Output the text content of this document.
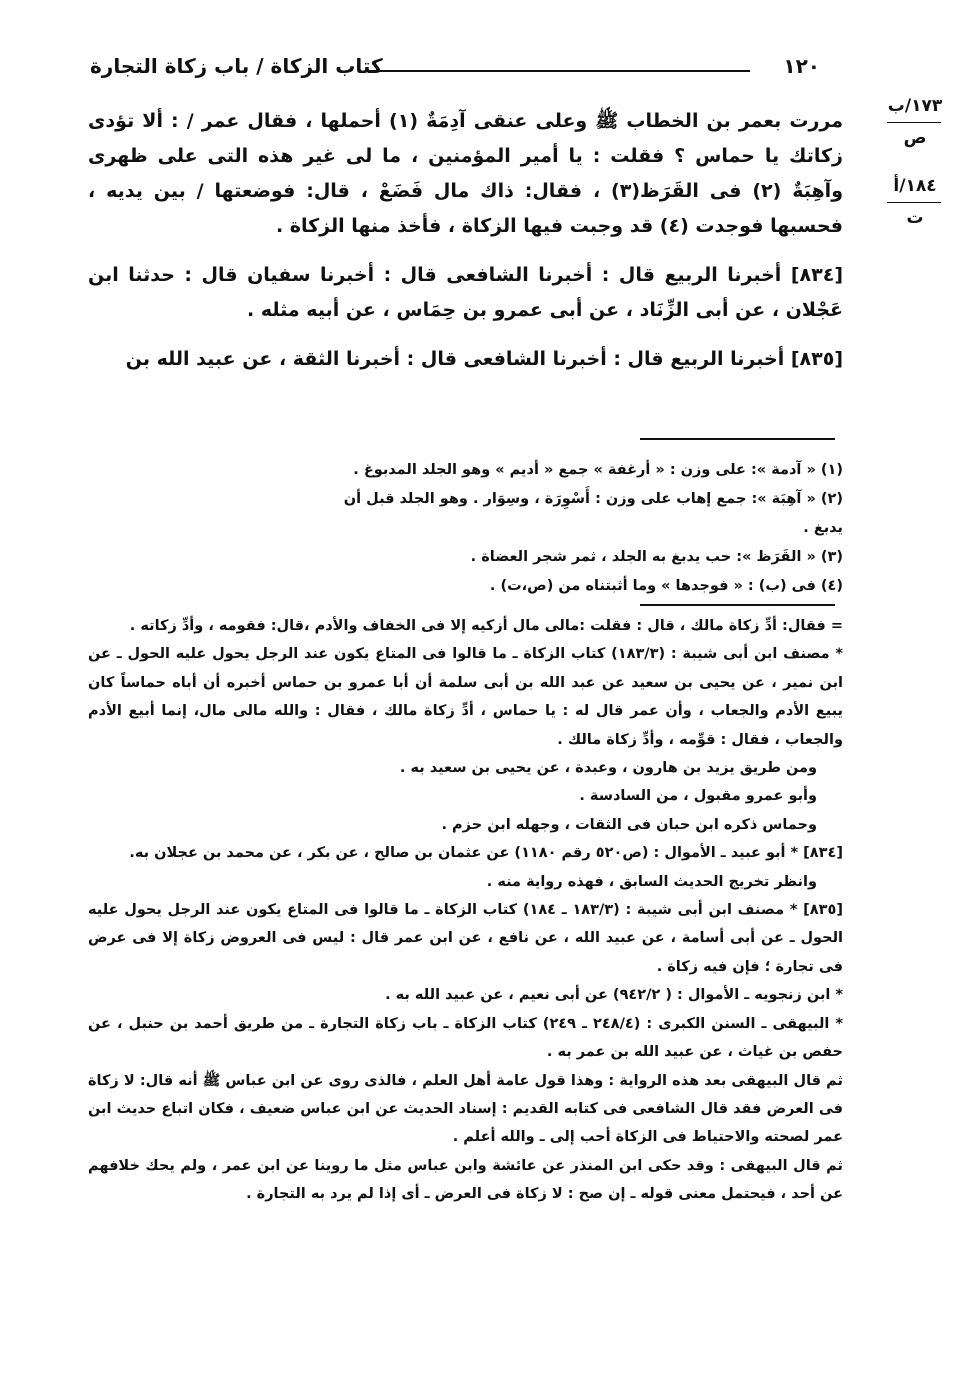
كتاب الزكاة / باب زكاة التجارة	١٢٠
١٧٣/ب
ص
١٨٤/أ
ت

مررت بعمر بن الخطاب ﷺ وعلى عنقى آدِمَةٌ (١) أحملها ، فقال عمر / : ألا تؤدى زكاتك يا حماس ؟ فقلت : يا أمير المؤمنين ، ما لى غير هذه التى على ظهرى وآهِبَةٌ (٢) فى القَرَظ(٣) ، فقال: ذاك مال فَضَعْ ، قال: فوضعتها / بين يديه ، فحسبها فوجدت (٤) قد وجبت فيها الزكاة ، فأخذ منها الزكاة .

[٨٣٤] أخبرنا الربيع قال : أخبرنا الشافعى قال : أخبرنا سفيان قال : حدثنا ابن عَجْلان ، عن أبى الزِّنَاد ، عن أبى عمرو بن حِمَاس ، عن أبيه مثله .

[٨٣٥] أخبرنا الربيع قال : أخبرنا الشافعى قال : أخبرنا الثقة ، عن عبيد الله بن

(١) « آدمة »: على وزن : « أرغفة » جمع « أديم » وهو الجلد المدبوغ .

(٢) « آهِبَة »: جمع إهاب على وزن : أَسْوِرَة ، وسِوَار . وهو الجلد قبل أن يدبغ .

(٣) « القَرَظ »: حب يدبغ به الجلد ، ثمر شجر العضاة .

(٤) فى (ب) : « فوجدها » وما أثبتناه من (ص،ت) .

= فقال: أدِّ زكاة مالك ، قال : فقلت :مالى مال أزكيه إلا فى الخفاف والأدم ،قال: فقومه ، وأدِّ زكاته .

* مصنف ابن أبى شيبة : (١٨٣/٣) كتاب الزكاة ـ ما قالوا فى المتاع يكون عند الرجل يحول عليه الحول ـ عن ابن نمير ، عن يحيى بن سعيد عن عبد الله بن أبى سلمة أن أبا عمرو بن حماس أخبره أن أباه حماساً كان يبيع الأدم والجعاب ، وأن عمر قال له : يا حماس ، أدِّ زكاة مالك ، فقال : والله مالى مال، إنما أبيع الأدم والجعاب ، فقال : قوِّمه ، وأدِّ زكاة مالك .

ومن طريق يزيد بن هارون ، وعبدة ، عن يحيى بن سعيد به .

وأبو عمرو مقبول ، من السادسة .

وحماس ذكره ابن حبان فى الثقات ، وجهله ابن حزم .

[٨٣٤] * أبو عبيد ـ الأموال : (ص٥٢٠ رقم ١١٨٠) عن عثمان بن صالح ، عن بكر ، عن محمد بن عجلان به.

وانظر تخريج الحديث السابق ، فهذه رواية منه .

[٨٣٥] * مصنف ابن أبى شيبة : (١٨٣/٣ ـ ١٨٤) كتاب الزكاة ـ ما قالوا فى المتاع يكون عند الرجل يحول عليه الحول ـ عن أبى أسامة ، عن عبيد الله ، عن نافع ، عن ابن عمر قال : ليس فى العروض زكاة إلا فى عرض فى تجارة ؛ فإن فيه زكاة .

* ابن زنجويه ـ الأموال : ( ٩٤٢/٢) عن أبى نعيم ، عن عبيد الله به .

* البيهقى ـ السنن الكبرى : (٢٤٨/٤ ـ ٢٤٩) كتاب الزكاة ـ باب زكاة التجارة ـ من طريق أحمد بن حنبل ، عن حفص بن غياث ، عن عبيد الله بن عمر به .

ثم قال البيهقى بعد هذه الرواية : وهذا قول عامة أهل العلم ، فالذى روى عن ابن عباس ﷺ أنه قال: لا زكاة فى العرض فقد قال الشافعى فى كتابه القديم : إسناد الحديث عن ابن عباس ضعيف ، فكان اتباع حديث ابن عمر لصحته والاحتياط فى الزكاة أحب إلى ـ والله أعلم .

ثم قال البيهقى : وقد حكى ابن المنذر عن عائشة وابن عباس مثل ما روينا عن ابن عمر ، ولم يحك خلافهم عن أحد ، فيحتمل معنى قوله ـ إن صح : لا زكاة فى العرض ـ أى إذا لم يرد به التجارة .
